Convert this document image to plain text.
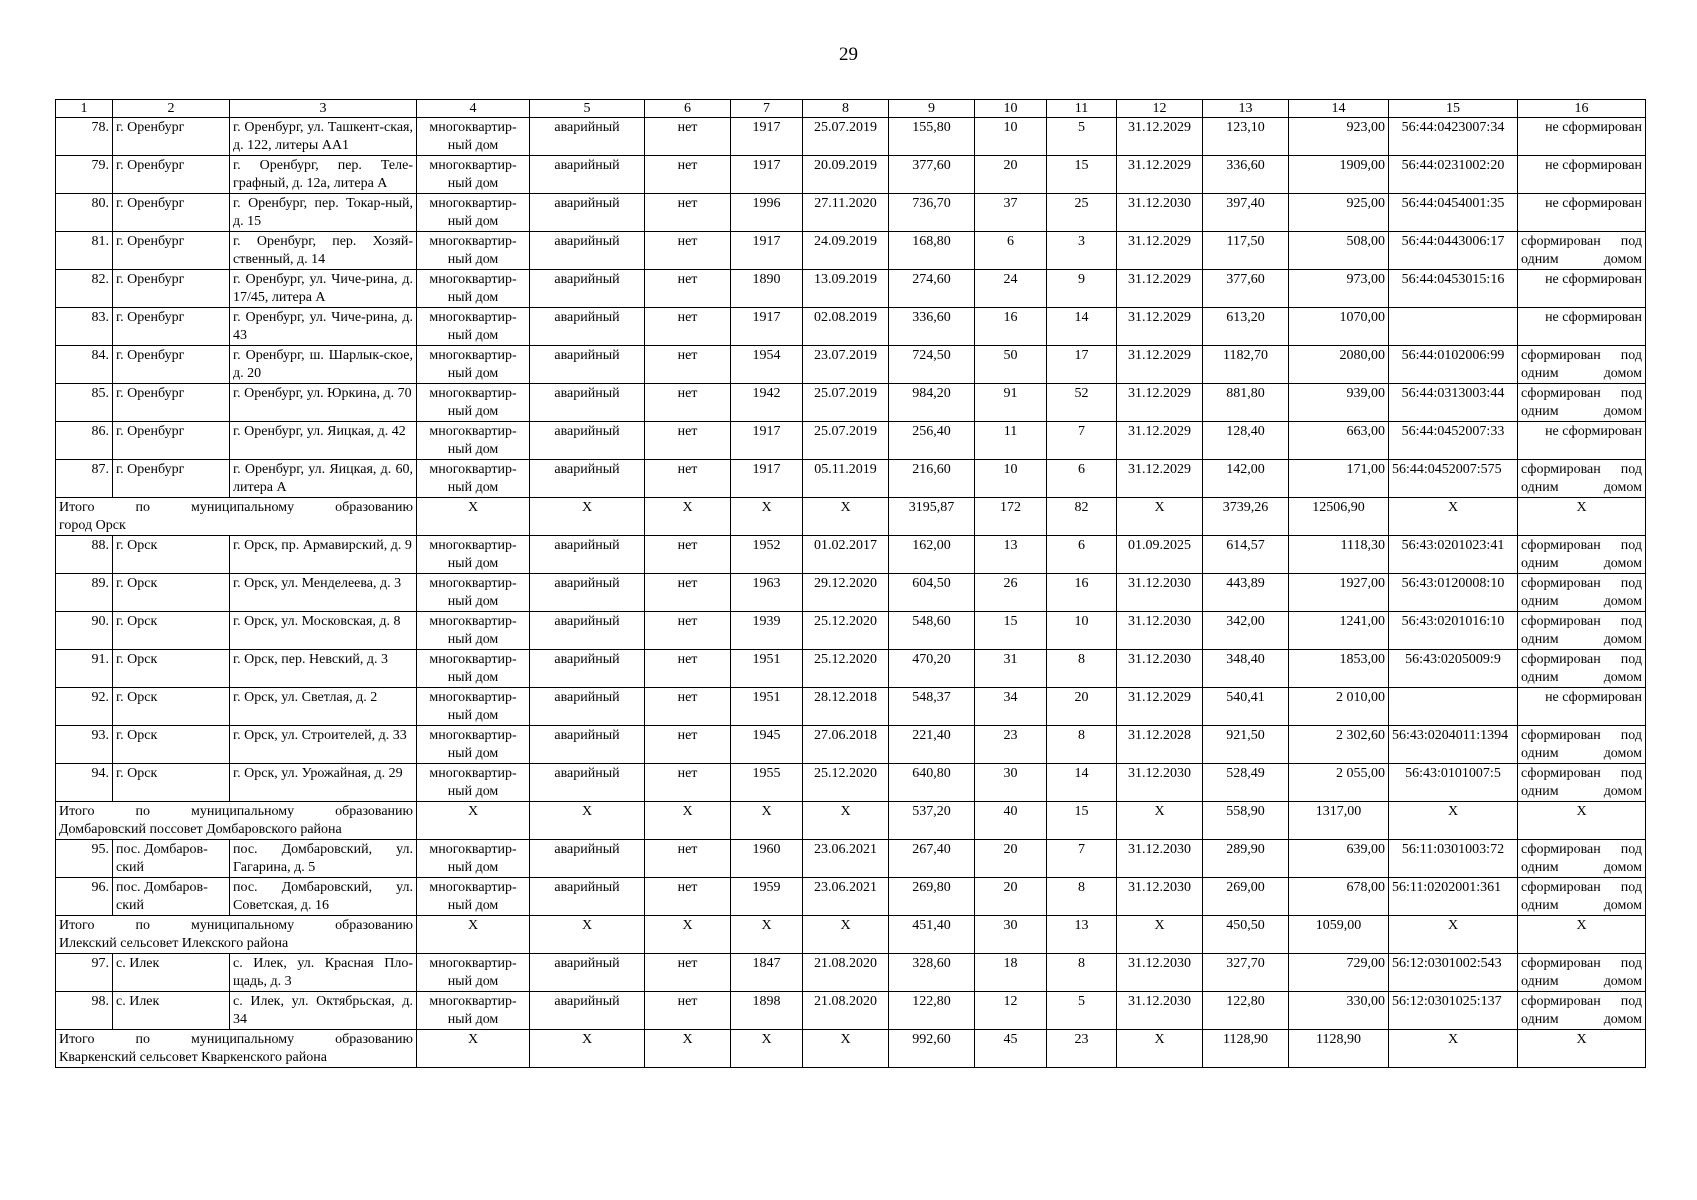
29
1	2	3	4	5	6	7	8	9	10	11	12	13	14	15	16
78.	г. Оренбург	г. Оренбург, ул. Ташкент-ская, д. 122, литеры АА1	многоквартир-ный дом	аварийный	нет	1917	25.07.2019	155,80	10	5	31.12.2029	123,10	923,00	56:44:0423007:34	не сформирован
79.	г. Оренбург	г. Оренбург, пер. Теле-графный, д. 12а, литера А	многоквартир-ный дом	аварийный	нет	1917	20.09.2019	377,60	20	15	31.12.2029	336,60	1909,00	56:44:0231002:20	не сформирован
80.	г. Оренбург	г. Оренбург, пер. Токар-ный, д. 15	многоквартир-ный дом	аварийный	нет	1996	27.11.2020	736,70	37	25	31.12.2030	397,40	925,00	56:44:0454001:35	не сформирован
81.	г. Оренбург	г. Оренбург, пер. Хозяй-ственный, д. 14	многоквартир-ный дом	аварийный	нет	1917	24.09.2019	168,80	6	3	31.12.2029	117,50	508,00	56:44:0443006:17	сформирован под одним домом
82.	г. Оренбург	г. Оренбург, ул. Чиче-рина, д. 17/45, литера А	многоквартир-ный дом	аварийный	нет	1890	13.09.2019	274,60	24	9	31.12.2029	377,60	973,00	56:44:0453015:16	не сформирован
83.	г. Оренбург	г. Оренбург, ул. Чиче-рина, д. 43	многоквартир-ный дом	аварийный	нет	1917	02.08.2019	336,60	16	14	31.12.2029	613,20	1070,00		не сформирован
84.	г. Оренбург	г. Оренбург, ш. Шарлык-ское, д. 20	многоквартир-ный дом	аварийный	нет	1954	23.07.2019	724,50	50	17	31.12.2029	1182,70	2080,00	56:44:0102006:99	сформирован под одним домом
85.	г. Оренбург	г. Оренбург, ул. Юркина, д. 70	многоквартир-ный дом	аварийный	нет	1942	25.07.2019	984,20	91	52	31.12.2029	881,80	939,00	56:44:0313003:44	сформирован под одним домом
86.	г. Оренбург	г. Оренбург, ул. Яицкая, д. 42	многоквартир-ный дом	аварийный	нет	1917	25.07.2019	256,40	11	7	31.12.2029	128,40	663,00	56:44:0452007:33	не сформирован
87.	г. Оренбург	г. Оренбург, ул. Яицкая, д. 60, литера А	многоквартир-ный дом	аварийный	нет	1917	05.11.2019	216,60	10	6	31.12.2029	142,00	171,00	56:44:0452007:575	сформирован под одним домом

Итого по муниципальному образованию
город Орск			X	X	X	X	X	3195,87	172	82	X	3739,26	12506,90	X	X
88.	г. Орск	г. Орск, пр. Армавирский, д. 9	многоквартир-ный дом	аварийный	нет	1952	01.02.2017	162,00	13	6	01.09.2025	614,57	1118,30	56:43:0201023:41	сформирован под одним домом
89.	г. Орск	г. Орск, ул. Менделеева, д. 3	многоквартир-ный дом	аварийный	нет	1963	29.12.2020	604,50	26	16	31.12.2030	443,89	1927,00	56:43:0120008:10	сформирован под одним домом
90.	г. Орск	г. Орск, ул. Московская, д. 8	многоквартир-ный дом	аварийный	нет	1939	25.12.2020	548,60	15	10	31.12.2030	342,00	1241,00	56:43:0201016:10	сформирован под одним домом
91.	г. Орск	г. Орск, пер. Невский, д. 3	многоквартир-ный дом	аварийный	нет	1951	25.12.2020	470,20	31	8	31.12.2030	348,40	1853,00	56:43:0205009:9	сформирован под одним домом
92.	г. Орск	г. Орск, ул. Светлая, д. 2	многоквартир-ный дом	аварийный	нет	1951	28.12.2018	548,37	34	20	31.12.2029	540,41	2 010,00		не сформирован
93.	г. Орск	г. Орск, ул. Строителей, д. 33	многоквартир-ный дом	аварийный	нет	1945	27.06.2018	221,40	23	8	31.12.2028	921,50	2 302,60	56:43:0204011:1394	сформирован под одним домом
94.	г. Орск	г. Орск, ул. Урожайная, д. 29	многоквартир-ный дом	аварийный	нет	1955	25.12.2020	640,80	30	14	31.12.2030	528,49	2 055,00	56:43:0101007:5	сформирован под одним домом

Итого по муниципальному образованию
Домбаровский поссовет Домбаровского района			X	X	X	X	X	537,20	40	15	X	558,90	1317,00	X	X
95.	пос. Домбаров-ский	пос. Домбаровский, ул. Гагарина, д. 5	многоквартир-ный дом	аварийный	нет	1960	23.06.2021	267,40	20	7	31.12.2030	289,90	639,00	56:11:0301003:72	сформирован под одним домом
96.	пос. Домбаров-ский	пос. Домбаровский, ул. Советская, д. 16	многоквартир-ный дом	аварийный	нет	1959	23.06.2021	269,80	20	8	31.12.2030	269,00	678,00	56:11:0202001:361	сформирован под одним домом

Итого по муниципальному образованию
Илекский сельсовет Илекского района			X	X	X	X	X	451,40	30	13	X	450,50	1059,00	X	X
97.	с. Илек	с. Илек, ул. Красная Пло-щадь, д. 3	многоквартир-ный дом	аварийный	нет	1847	21.08.2020	328,60	18	8	31.12.2030	327,70	729,00	56:12:0301002:543	сформирован под одним домом
98.	с. Илек	с. Илек, ул. Октябрьская, д. 34	многоквартир-ный дом	аварийный	нет	1898	21.08.2020	122,80	12	5	31.12.2030	122,80	330,00	56:12:0301025:137	сформирован под одним домом

Итого по муниципальному образованию
Кваркенский сельсовет Кваркенского района			X	X	X	X	X	992,60	45	23	X	1128,90	1128,90	X	X
